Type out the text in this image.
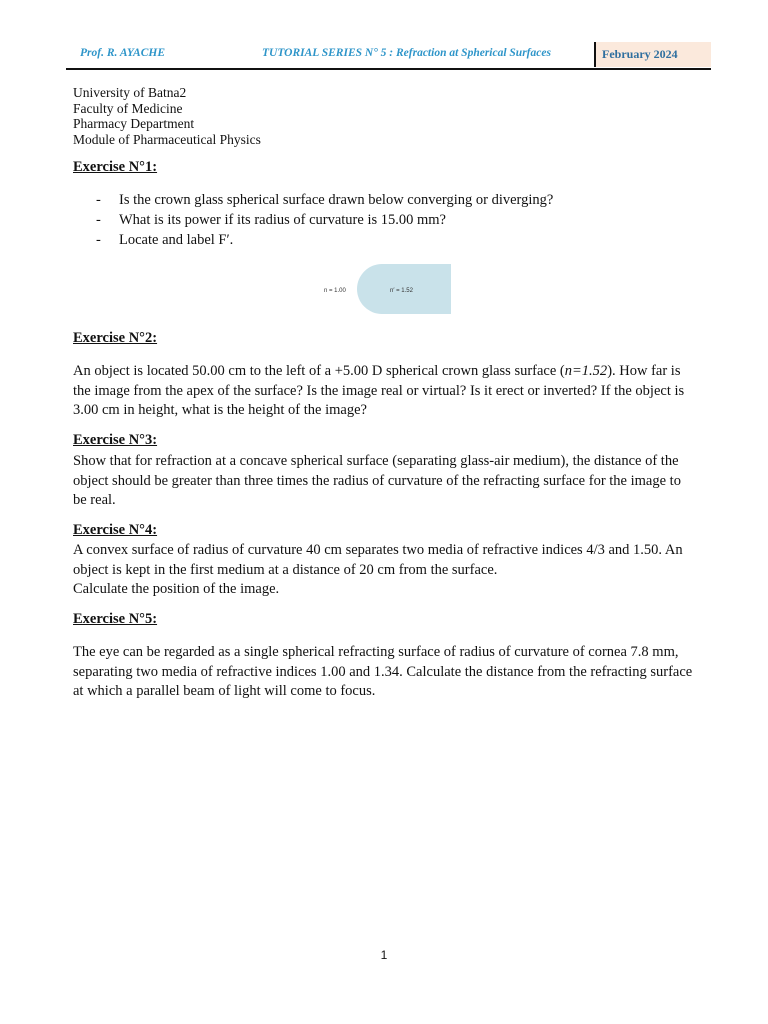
Prof. R. AYACHE	TUTORIAL SERIES N° 5 : Refraction at Spherical Surfaces	February 2024
University of Batna2
Faculty of Medicine
Pharmacy Department
Module of Pharmaceutical Physics
Exercise N°1:
- Is the crown glass spherical surface drawn below converging or diverging?
- What is its power if its radius of curvature is 15.00 mm?
- Locate and label F′.
n = 1.00	n′ = 1.52
Exercise N°2:

An object is located 50.00 cm to the left of a +5.00 D spherical crown glass surface (n=1.52). How far is the image from the apex of the surface? Is the image real or virtual? Is it erect or inverted? If the object is 3.00 cm in height, what is the height of the image?

Exercise N°3:

Show that for refraction at a concave spherical surface (separating glass-air medium), the distance of the object should be greater than three times the radius of curvature of the refracting surface for the image to be real.

Exercise N°4:

A convex surface of radius of curvature 40 cm separates two media of refractive indices 4/3 and 1.50. An object is kept in the first medium at a distance of 20 cm from the surface.

Calculate the position of the image.

Exercise N°5:

The eye can be regarded as a single spherical refracting surface of radius of curvature of cornea 7.8 mm, separating two media of refractive indices 1.00 and 1.34. Calculate the distance from the refracting surface at which a parallel beam of light will come to focus.

1
